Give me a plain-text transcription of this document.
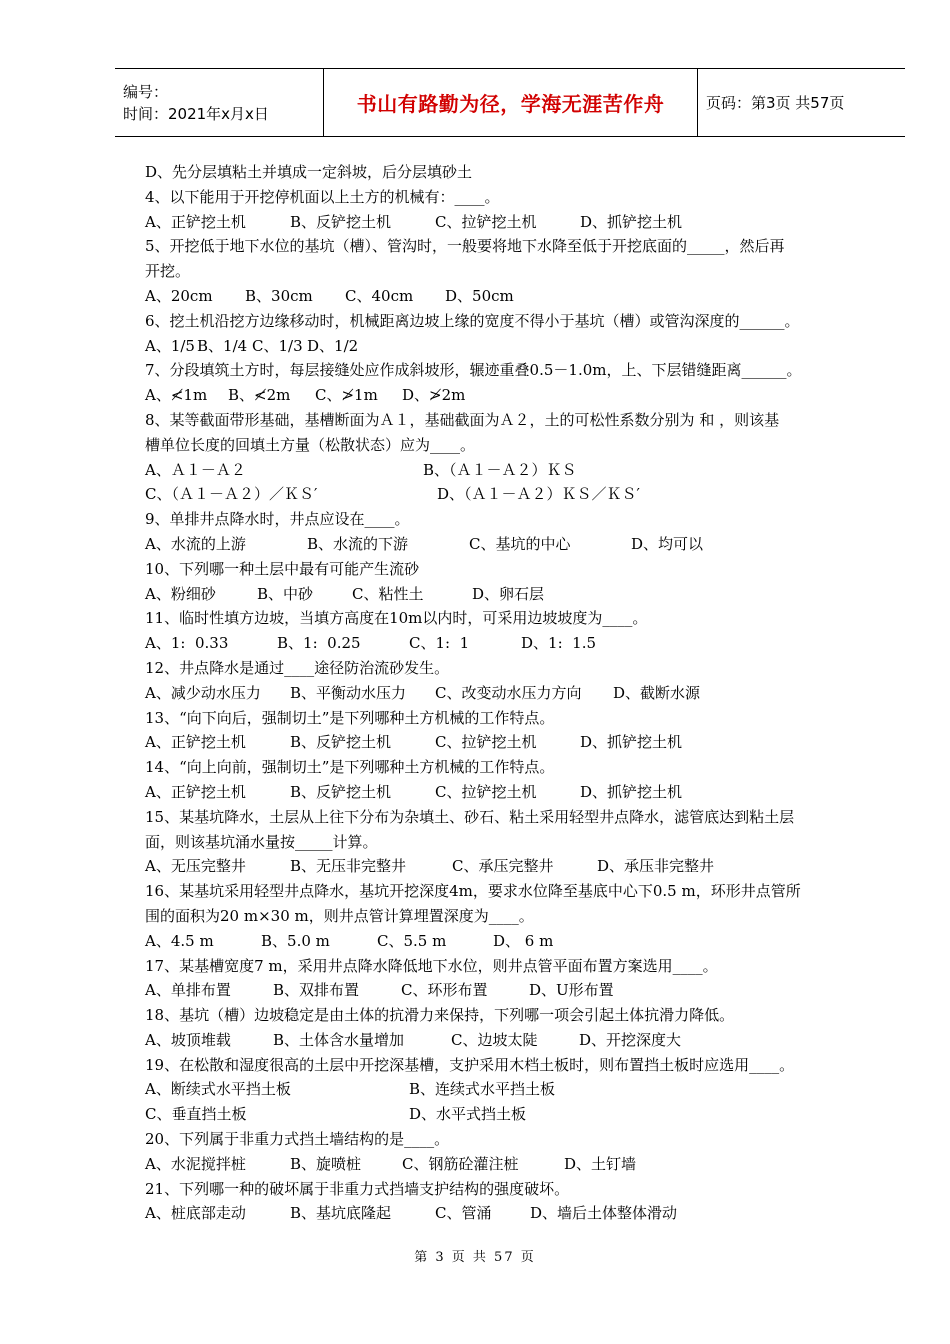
编号：
时间：2021年x月x日	书山有路勤为径，学海无涯苦作舟	页码：第3页 共57页
D、先分层填粘土并填成一定斜坡，后分层填砂土
4、以下能用于开挖停机面以上土方的机械有：____。
A、正铲挖土机	B、反铲挖土机	C、拉铲挖土机	D、抓铲挖土机
5、开挖低于地下水位的基坑（槽）、管沟时，一般要将地下水降至低于开挖底面的_____，然后再
开挖。
A、20cm	B、30cm	C、40cm	D、50cm
6、挖土机沿挖方边缘移动时，机械距离边坡上缘的宽度不得小于基坑（槽）或管沟深度的______。
A、1/5 B、1/4 C、1/3 D、1/2
7、分段填筑土方时，每层接缝处应作成斜坡形，辗迹重叠0.5－1.0m，上、下层错缝距离______。
A、≮1m	B、≮2m	C、≯1m	D、≯2m
8、某等截面带形基础，基槽断面为Ａ１，基础截面为Ａ２，土的可松性系数分别为 和 ，则该基
槽单位长度的回填土方量（松散状态）应为____。
A、Ａ１－Ａ２	B、（Ａ１－Ａ２）ＫＳ
C、（Ａ１－Ａ２）／ＫＳ′	D、（Ａ１－Ａ２）ＫＳ／ＫＳ′
9、单排井点降水时，井点应设在____。
A、水流的上游	B、水流的下游	C、基坑的中心	D、均可以
10、下列哪一种土层中最有可能产生流砂
A、粉细砂	B、中砂	C、粘性土	D、卵石层
11、临时性填方边坡，当填方高度在10m以内时，可采用边坡坡度为____。
A、1:  0.33	B、1:  0.25	C、1:  1	D、1:  1.5
12、井点降水是通过____途径防治流砂发生。
A、减少动水压力	B、平衡动水压力	C、改变动水压力方向	D、截断水源
13、“向下向后，强制切土”是下列哪种土方机械的工作特点。
A、正铲挖土机	B、反铲挖土机	C、拉铲挖土机	D、抓铲挖土机
14、“向上向前，强制切土”是下列哪种土方机械的工作特点。
A、正铲挖土机	B、反铲挖土机	C、拉铲挖土机	D、抓铲挖土机
15、某基坑降水，土层从上往下分布为杂填土、砂石、粘土采用轻型井点降水，滤管底达到粘土层
面，则该基坑涌水量按_____计算。
A、无压完整井	B、无压非完整井	C、承压完整井	D、承压非完整井
16、某基坑采用轻型井点降水，基坑开挖深度4m，要求水位降至基底中心下0.5 m，环形井点管所
围的面积为20 m×30 m，则井点管计算埋置深度为____。
A、4.5 m	B、5.0 m	C、5.5 m	D、 6 m
17、某基槽宽度7 m，采用井点降水降低地下水位，则井点管平面布置方案选用____。
A、单排布置	B、双排布置	C、环形布置	D、U形布置
18、基坑（槽）边坡稳定是由土体的抗滑力来保持，下列哪一项会引起土体抗滑力降低。
A、坡顶堆载	B、土体含水量增加	C、边坡太陡	D、开挖深度大
19、在松散和湿度很高的土层中开挖深基槽，支护采用木档土板时，则布置挡土板时应选用____。
A、断续式水平挡土板	B、连续式水平挡土板
C、垂直挡土板	D、水平式挡土板
20、下列属于非重力式挡土墙结构的是____。
A、水泥搅拌桩	B、旋喷桩	C、钢筋砼灌注桩	D、土钉墙
21、下列哪一种的破坏属于非重力式挡墙支护结构的强度破坏。
A、桩底部走动	B、基坑底隆起	C、管涌	D、墙后土体整体滑动
第 3 页 共 57 页
